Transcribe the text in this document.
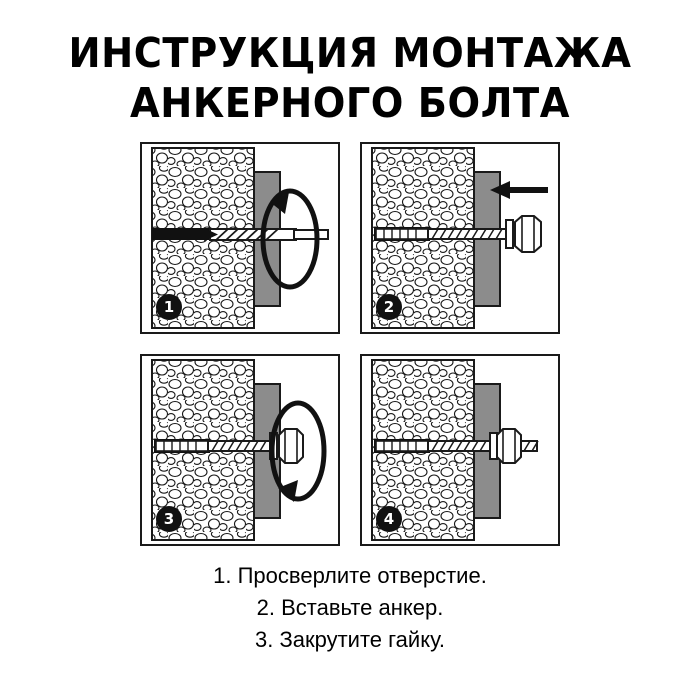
ИНСТРУКЦИЯ МОНТАЖА
АНКЕРНОГО БОЛТА
1	2
3	4
1. Просверлите отверстие.
2. Вставьте анкер.
3. Закрутите гайку.
